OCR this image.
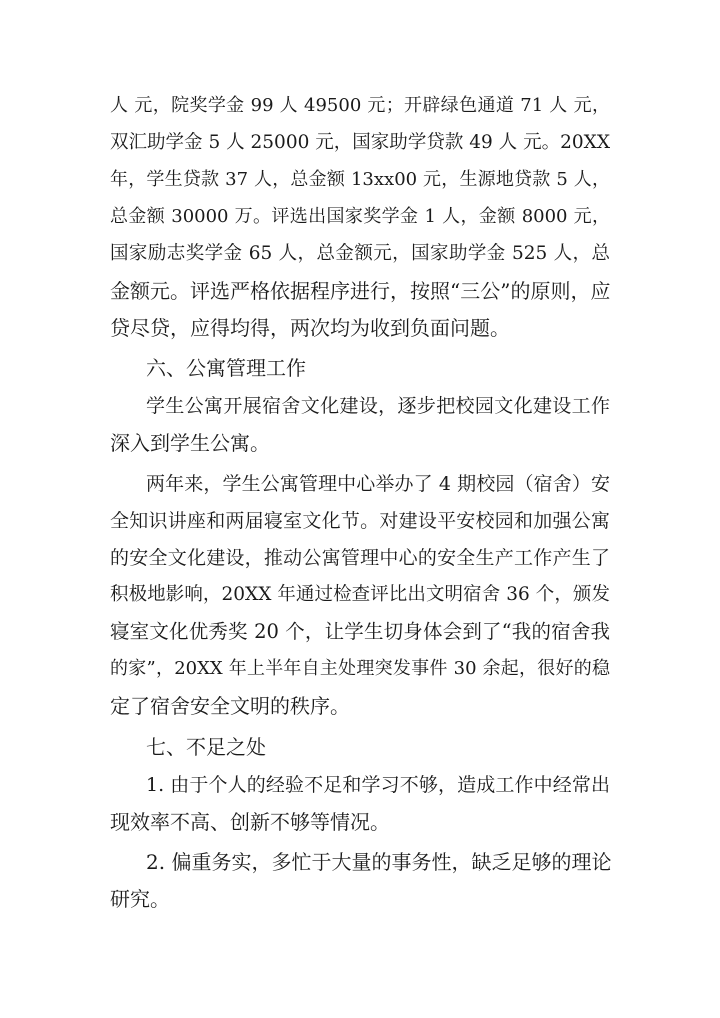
人 元，院奖学金 99 人 49500 元；开辟绿色通道 71 人 元，
双汇助学金 5 人 25000 元，国家助学贷款 49 人 元。20XX
年，学生贷款 37 人，总金额 13xx00 元，生源地贷款 5 人，
总金额 30000 万。评选出国家奖学金 1 人，金额 8000 元，
国家励志奖学金 65 人，总金额元，国家助学金 525 人，总
金额元。评选严格依据程序进行，按照“三公”的原则，应
贷尽贷，应得均得，两次均为收到负面问题。
六、公寓管理工作
学生公寓开展宿舍文化建设，逐步把校园文化建设工作
深入到学生公寓。
两年来，学生公寓管理中心举办了 4 期校园（宿舍）安
全知识讲座和两届寝室文化节。对建设平安校园和加强公寓
的安全文化建设，推动公寓管理中心的安全生产工作产生了
积极地影响，20XX 年通过检查评比出文明宿舍 36 个，颁发
寝室文化优秀奖 20 个，让学生切身体会到了“我的宿舍我
的家”，20XX 年上半年自主处理突发事件 30 余起，很好的稳
定了宿舍安全文明的秩序。
七、不足之处
1. 由于个人的经验不足和学习不够，造成工作中经常出
现效率不高、创新不够等情况。
2. 偏重务实，多忙于大量的事务性，缺乏足够的理论
研究。
